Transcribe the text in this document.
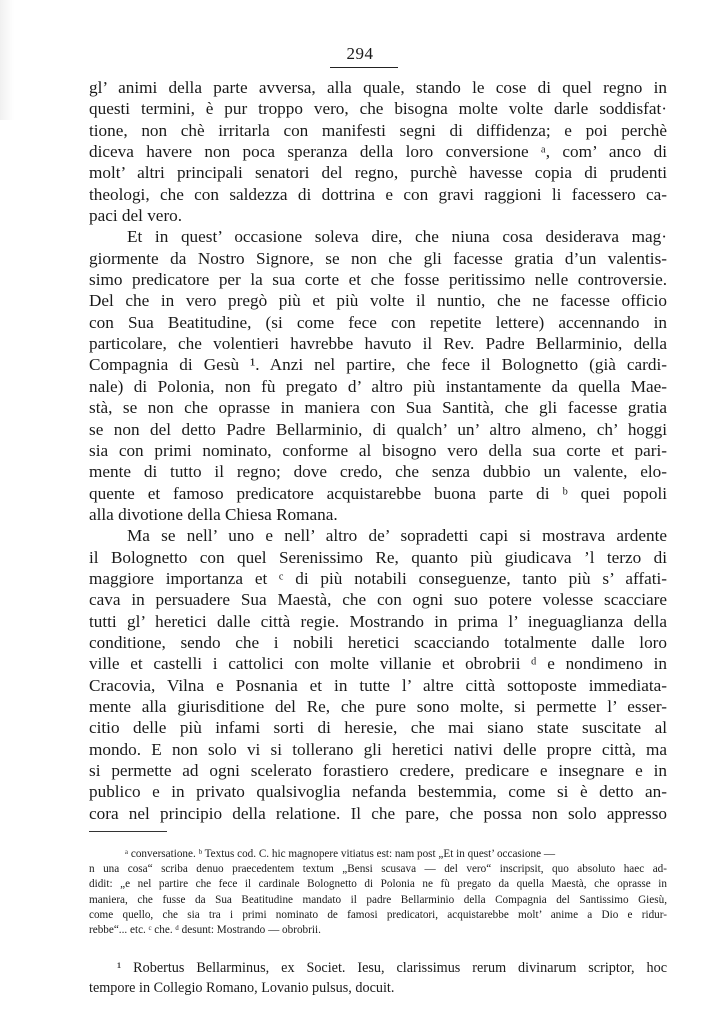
294
gl’ animi della parte avversa, alla quale, stando le cose di quel regno in
questi termini, è pur troppo vero, che bisogna molte volte darle soddisfat·
tione, non chè irritarla con manifesti segni di diffidenza; e poi perchè
diceva havere non poca speranza della loro conversione ᵃ, com’ anco di
molt’ altri principali senatori del regno, purchè havesse copia di prudenti
theologi, che con saldezza di dottrina e con gravi raggioni li facessero ca-
paci del vero.
Et in quest’ occasione soleva dire, che niuna cosa desiderava mag·
giormente da Nostro Signore, se non che gli facesse gratia d’un valentis-
simo predicatore per la sua corte et che fosse peritissimo nelle controversie.
Del che in vero pregò più et più volte il nuntio, che ne facesse officio
con Sua Beatitudine, (si come fece con repetite lettere) accennando in
particolare, che volentieri havrebbe havuto il Rev. Padre Bellarminio, della
Compagnia di Gesù ¹. Anzi nel partire, che fece il Bolognetto (già cardi-
nale) di Polonia, non fù pregato d’ altro più instantamente da quella Mae-
stà, se non che oprasse in maniera con Sua Santità, che gli facesse gratia
se non del detto Padre Bellarminio, di qualch’ un’ altro almeno, ch’ hoggi
sia con primi nominato, conforme al bisogno vero della sua corte et pari-
mente di tutto il regno; dove credo, che senza dubbio un valente, elo-
quente et famoso predicatore acquistarebbe buona parte di ᵇ quei popoli
alla divotione della Chiesa Romana.
Ma se nell’ uno e nell’ altro de’ sopradetti capi si mostrava ardente
il Bolognetto con quel Serenissimo Re, quanto più giudicava ’l terzo di
maggiore importanza et ᶜ di più notabili conseguenze, tanto più s’ affati-
cava in persuadere Sua Maestà, che con ogni suo potere volesse scacciare
tutti gl’ heretici dalle città regie. Mostrando in prima l’ ineguaglianza della
conditione, sendo che i nobili heretici scacciando totalmente dalle loro
ville et castelli i cattolici con molte villanie et obrobrii ᵈ e nondimeno in
Cracovia, Vilna e Posnania et in tutte l’ altre città sottoposte immediata-
mente alla giurisditione del Re, che pure sono molte, si permette l’ esser-
citio delle più infami sorti di heresie, che mai siano state suscitate al
mondo. E non solo vi si tollerano gli heretici nativi delle propre città, ma
si permette ad ogni scelerato forastiero credere, predicare e insegnare e in
publico e in privato qualsivoglia nefanda bestemmia, come si è detto an-
cora nel principio della relatione. Il che pare, che possa non solo appresso
ᵃ conversatione. ᵇ Textus cod. C. hic magnopere vitiatus est: nam post „Et in quest’ occasione —
n una cosa“ scriba denuo praecedentem textum „Bensi scusava — del vero“ inscripsit, quo absoluto haec ad-
didit: „e nel partire che fece il cardinale Bolognetto di Polonia ne fù pregato da quella Maestà, che oprasse in
maniera, che fusse da Sua Beatitudine mandato il padre Bellarminio della Compagnia del Santissimo Giesù,
come quello, che sia tra i primi nominato de famosi predicatori, acquistarebbe molt’ anime a Dio e ridur-
rebbe“... etc. ᶜ che. ᵈ desunt: Mostrando — obrobrii.
¹ Robertus Bellarminus, ex Societ. Iesu, clarissimus rerum divinarum scriptor, hoc
tempore in Collegio Romano, Lovanio pulsus, docuit.
